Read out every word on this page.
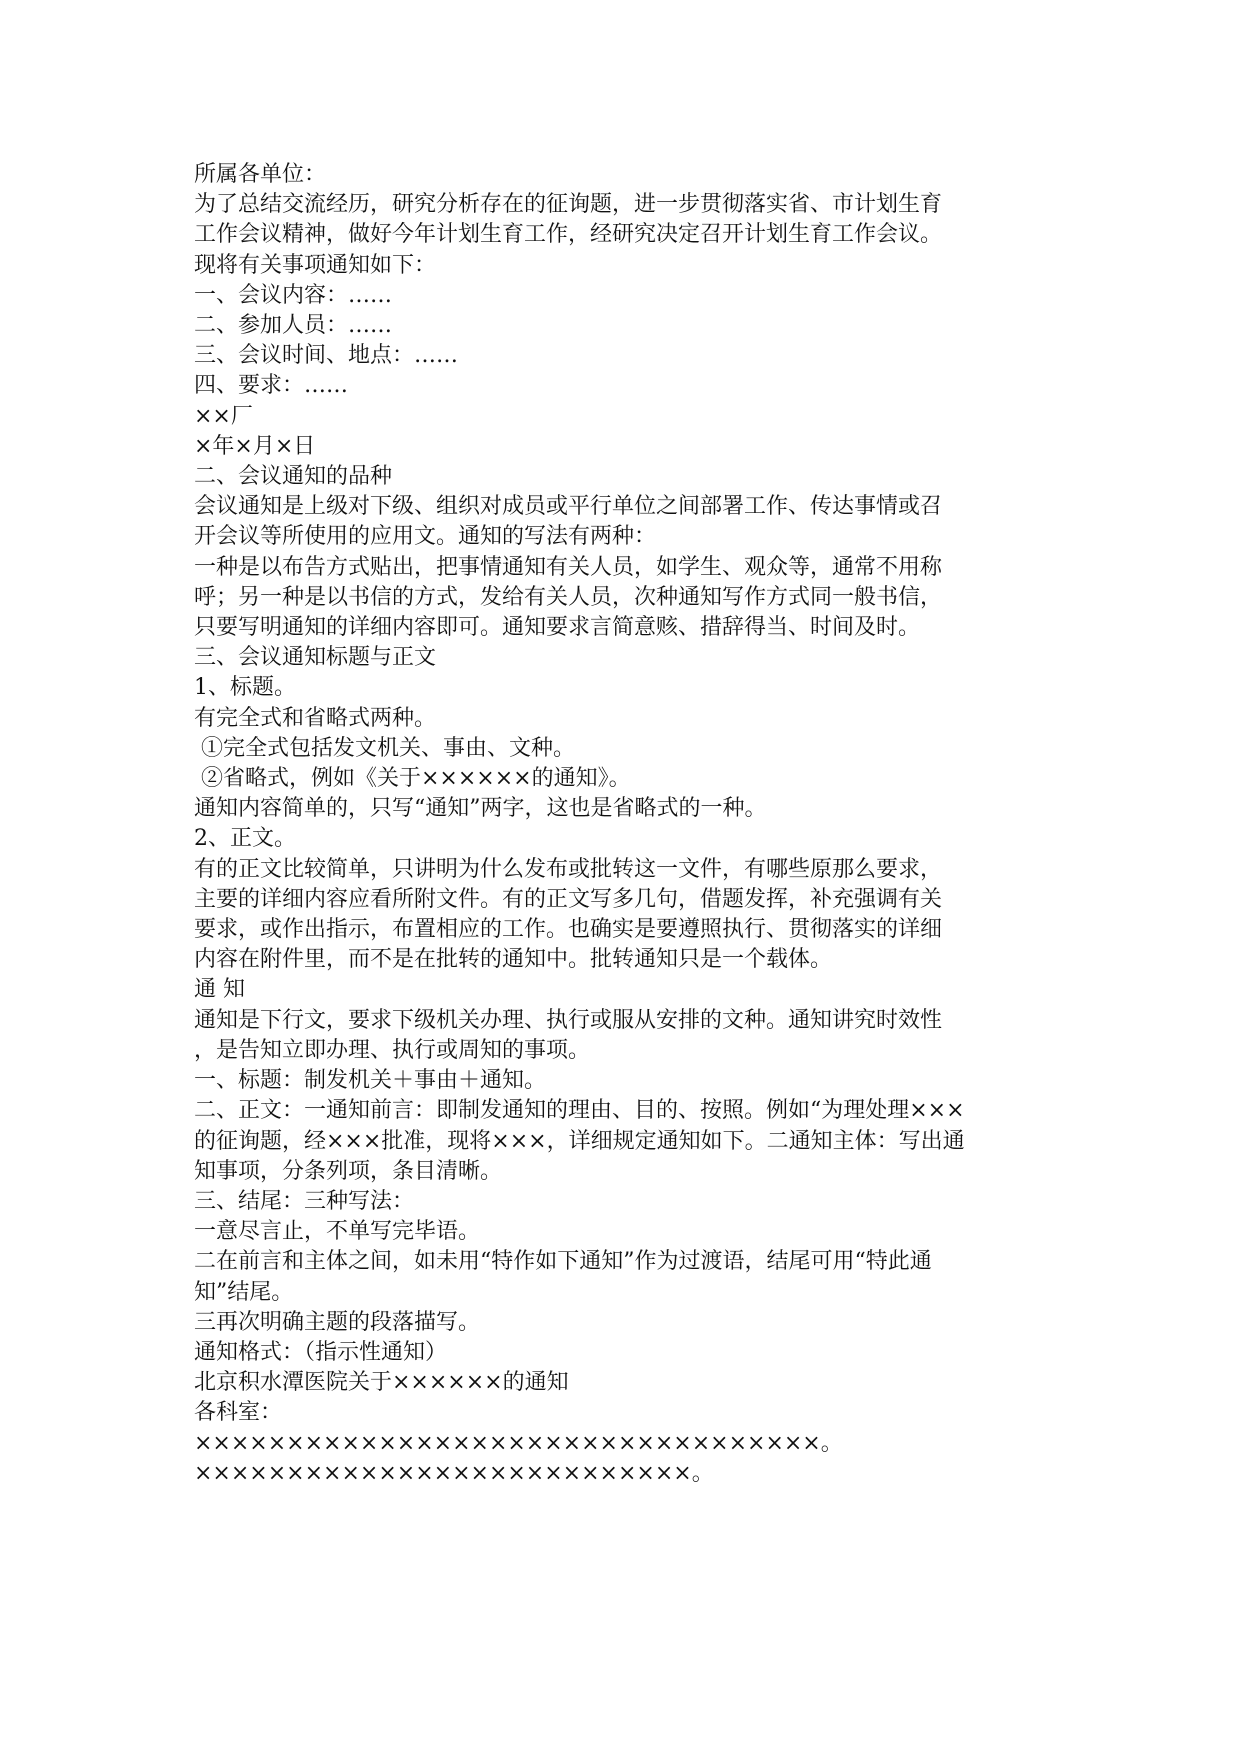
所属各单位：
为了总结交流经历，研究分析存在的征询题，进一步贯彻落实省、市计划生育
工作会议精神，做好今年计划生育工作，经研究决定召开计划生育工作会议。
现将有关事项通知如下：
一、会议内容：……
二、参加人员：……
三、会议时间、地点：……
四、要求：……
××厂
×年×月×日
二、会议通知的品种
会议通知是上级对下级、组织对成员或平行单位之间部署工作、传达事情或召
开会议等所使用的应用文。通知的写法有两种：
一种是以布告方式贴出，把事情通知有关人员，如学生、观众等，通常不用称
呼；另一种是以书信的方式，发给有关人员，次种通知写作方式同一般书信，
只要写明通知的详细内容即可。通知要求言简意赅、措辞得当、时间及时。
三、会议通知标题与正文
1、标题。
有完全式和省略式两种。
①完全式包括发文机关、事由、文种。
②省略式，例如《关于××××××的通知》。
通知内容简单的，只写“通知”两字，这也是省略式的一种。
2、正文。
有的正文比较简单，只讲明为什么发布或批转这一文件，有哪些原那么要求，
主要的详细内容应看所附文件。有的正文写多几句，借题发挥，补充强调有关
要求，或作出指示，布置相应的工作。也确实是要遵照执行、贯彻落实的详细
内容在附件里，而不是在批转的通知中。批转通知只是一个载体。
通 知
通知是下行文，要求下级机关办理、执行或服从安排的文种。通知讲究时效性
，是告知立即办理、执行或周知的事项。
一、标题：制发机关＋事由＋通知。
二、正文：一通知前言：即制发通知的理由、目的、按照。例如“为理处理×××
的征询题，经×××批准，现将×××，详细规定通知如下。二通知主体：写出通
知事项，分条列项，条目清晰。
三、结尾：三种写法：
一意尽言止，不单写完毕语。
二在前言和主体之间，如未用“特作如下通知”作为过渡语，结尾可用“特此通
知”结尾。
三再次明确主题的段落描写。
通知格式：（指示性通知）
北京积水潭医院关于××××××的通知
各科室：
××××××××××××××××××××××××××××××××××。
×××××××××××××××××××××××××××。
